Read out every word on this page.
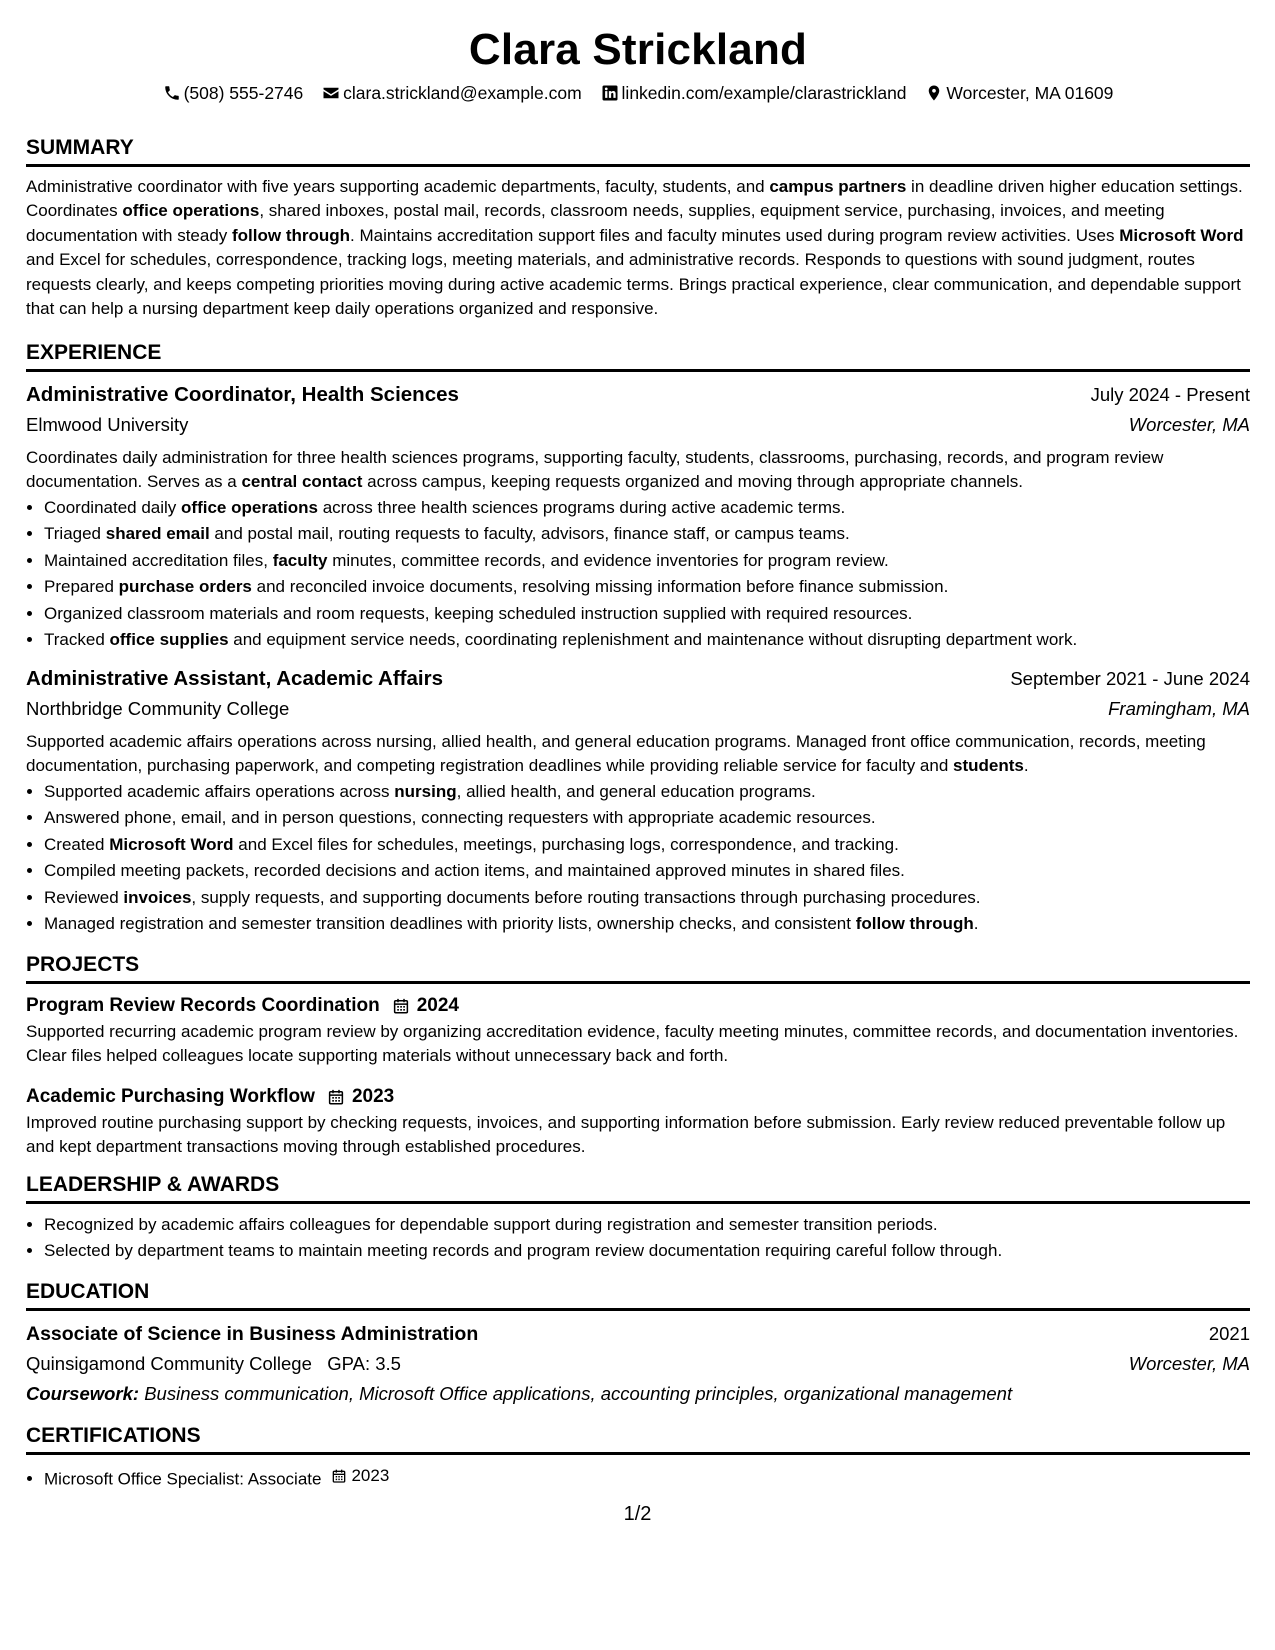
Clara Strickland
(508) 555-2746
clara.strickland@example.com
linkedin.com/example/clarastrickland
Worcester, MA 01609
SUMMARY

Administrative coordinator with five years supporting academic departments, faculty, students, and campus partners in deadline driven higher education settings. Coordinates office operations, shared inboxes, postal mail, records, classroom needs, supplies, equipment service, purchasing, invoices, and meeting documentation with steady follow through. Maintains accreditation support files and faculty minutes used during program review activities. Uses Microsoft Word and Excel for schedules, correspondence, tracking logs, meeting materials, and administrative records. Responds to questions with sound judgment, routes requests clearly, and keeps competing priorities moving during active academic terms. Brings practical experience, clear communication, and dependable support that can help a nursing department keep daily operations organized and responsive.

EXPERIENCE
Administrative Coordinator, Health Sciences	July 2024 - Present
Elmwood University	Worcester, MA

Coordinates daily administration for three health sciences programs, supporting faculty, students, classrooms, purchasing, records, and program review documentation. Serves as a central contact across campus, keeping requests organized and moving through appropriate channels.

• Coordinated daily office operations across three health sciences programs during active academic terms.
• Triaged shared email and postal mail, routing requests to faculty, advisors, finance staff, or campus teams.
• Maintained accreditation files, faculty minutes, committee records, and evidence inventories for program review.
• Prepared purchase orders and reconciled invoice documents, resolving missing information before finance submission.
• Organized classroom materials and room requests, keeping scheduled instruction supplied with required resources.
• Tracked office supplies and equipment service needs, coordinating replenishment and maintenance without disrupting department work.
Administrative Assistant, Academic Affairs	September 2021 - June 2024
Northbridge Community College	Framingham, MA

Supported academic affairs operations across nursing, allied health, and general education programs. Managed front office communication, records, meeting documentation, purchasing paperwork, and competing registration deadlines while providing reliable service for faculty and students.

• Supported academic affairs operations across nursing, allied health, and general education programs.
• Answered phone, email, and in person questions, connecting requesters with appropriate academic resources.
• Created Microsoft Word and Excel files for schedules, meetings, purchasing logs, correspondence, and tracking.
• Compiled meeting packets, recorded decisions and action items, and maintained approved minutes in shared files.
• Reviewed invoices, supply requests, and supporting documents before routing transactions through purchasing procedures.
• Managed registration and semester transition deadlines with priority lists, ownership checks, and consistent follow through.
PROJECTS
Program Review Records Coordination 2024

Supported recurring academic program review by organizing accreditation evidence, faculty meeting minutes, committee records, and documentation inventories. Clear files helped colleagues locate supporting materials without unnecessary back and forth.

Academic Purchasing Workflow 2023

Improved routine purchasing support by checking requests, invoices, and supporting information before submission. Early review reduced preventable follow up and kept department transactions moving through established procedures.

LEADERSHIP & AWARDS
• Recognized by academic affairs colleagues for dependable support during registration and semester transition periods.
• Selected by department teams to maintain meeting records and program review documentation requiring careful follow through.
EDUCATION
Associate of Science in Business Administration	2021
Quinsigamond Community College GPA: 3.5	Worcester, MA
Coursework: Business communication, Microsoft Office applications, accounting principles, organizational management
CERTIFICATIONS
• Microsoft Office Specialist: Associate 2023
1/2
